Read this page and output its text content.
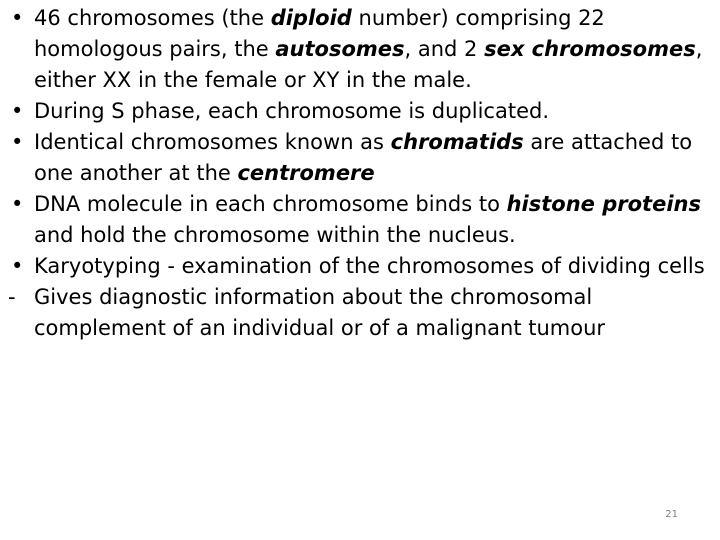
• 46 chromosomes (the diploid number) comprising 22 homologous pairs, the autosomes, and 2 sex chromosomes, either XX in the female or XY in the male.
• During S phase, each chromosome is duplicated.
• Identical chromosomes known as chromatids are attached to one another at the centromere
• DNA molecule in each chromosome binds to histone proteins and hold the chromosome within the nucleus.
• Karyotyping - examination of the chromosomes of dividing cells
- Gives diagnostic information about the chromosomal complement of an individual or of a malignant tumour
21
